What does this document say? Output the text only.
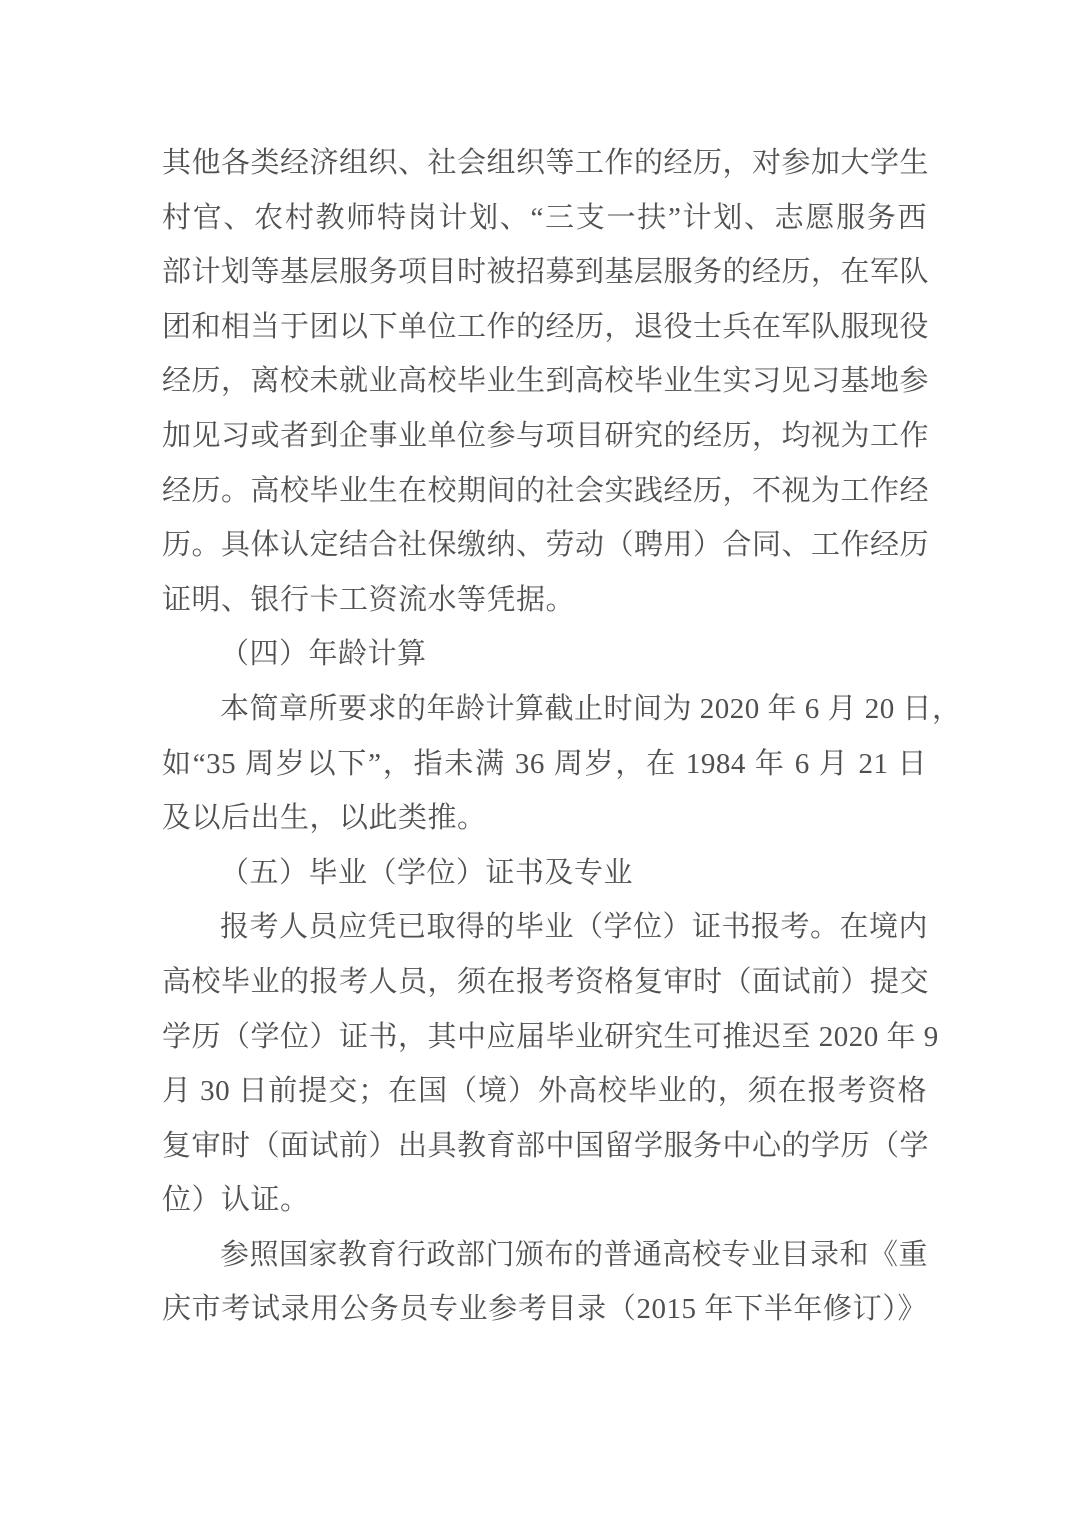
其他各类经济组织、社会组织等工作的经历，对参加大学生
村官、农村教师特岗计划、“三支一扶”计划、志愿服务西
部计划等基层服务项目时被招募到基层服务的经历，在军队
团和相当于团以下单位工作的经历，退役士兵在军队服现役
经历，离校未就业高校毕业生到高校毕业生实习见习基地参
加见习或者到企事业单位参与项目研究的经历，均视为工作
经历。高校毕业生在校期间的社会实践经历，不视为工作经
历。具体认定结合社保缴纳、劳动（聘用）合同、工作经历
证明、银行卡工资流水等凭据。
（四）年龄计算
本简章所要求的年龄计算截止时间为 2020 年 6 月 20 日，
如“35 周岁以下”，指未满 36 周岁，在 1984 年 6 月 21 日
及以后出生，以此类推。
（五）毕业（学位）证书及专业
报考人员应凭已取得的毕业（学位）证书报考。在境内
高校毕业的报考人员，须在报考资格复审时（面试前）提交
学历（学位）证书，其中应届毕业研究生可推迟至 2020 年 9
月 30 日前提交；在国（境）外高校毕业的，须在报考资格
复审时（面试前）出具教育部中国留学服务中心的学历（学
位）认证。
参照国家教育行政部门颁布的普通高校专业目录和《重
庆市考试录用公务员专业参考目录（2015 年下半年修订）》
